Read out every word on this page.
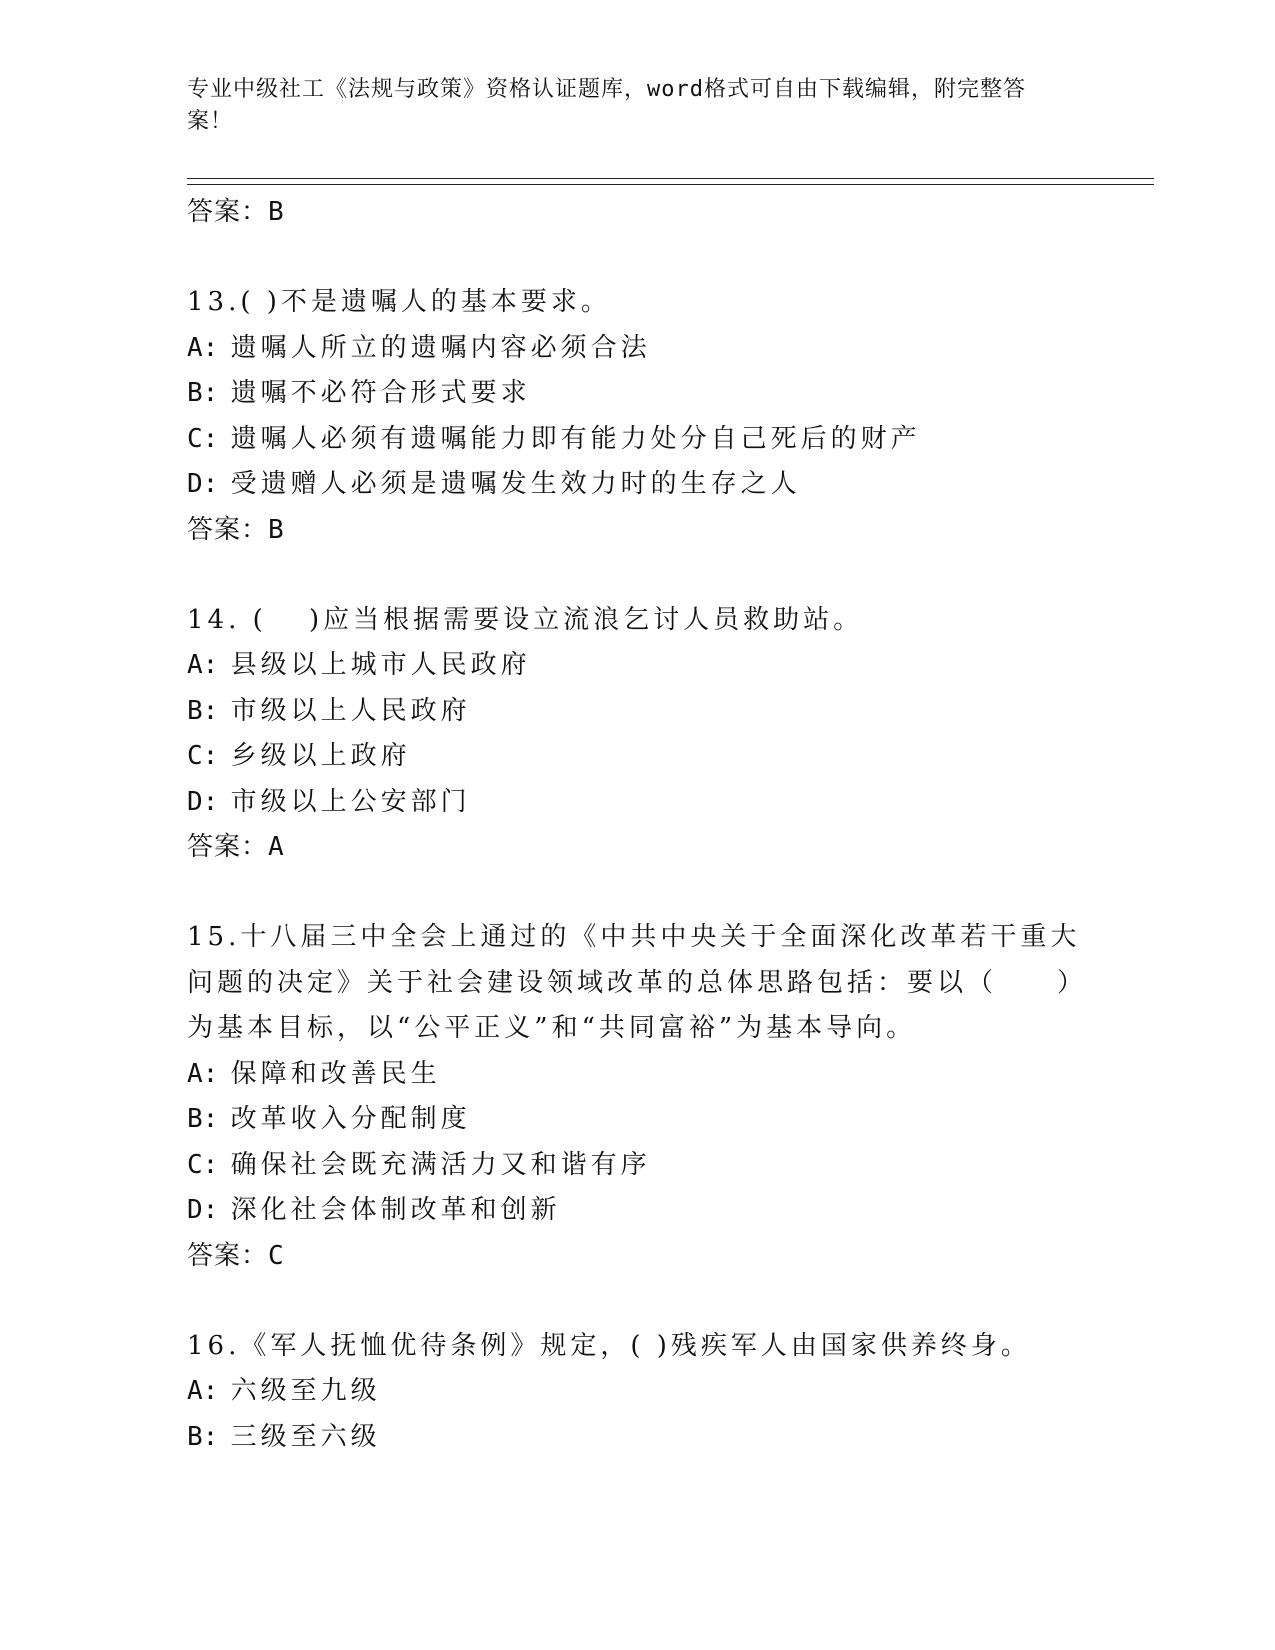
专业中级社工《法规与政策》资格认证题库，word格式可自由下载编辑，附完整答案！
答案：B
13.( )不是遗嘱人的基本要求。
A: 遗嘱人所立的遗嘱内容必须合法
B: 遗嘱不必符合形式要求
C: 遗嘱人必须有遗嘱能力即有能力处分自己死后的财产
D: 受遗赠人必须是遗嘱发生效力时的生存之人
答案：B
14. (　 )应当根据需要设立流浪乞讨人员救助站。
A: 县级以上城市人民政府
B: 市级以上人民政府
C: 乡级以上政府
D: 市级以上公安部门
答案：A
15.十八届三中全会上通过的《中共中央关于全面深化改革若干重大问题的决定》关于社会建设领域改革的总体思路包括：要以（　　）为基本目标，以“公平正义”和“共同富裕”为基本导向。
A: 保障和改善民生
B: 改革收入分配制度
C: 确保社会既充满活力又和谐有序
D: 深化社会体制改革和创新
答案：C
16.《军人抚恤优待条例》规定，( )残疾军人由国家供养终身。
A: 六级至九级
B: 三级至六级
